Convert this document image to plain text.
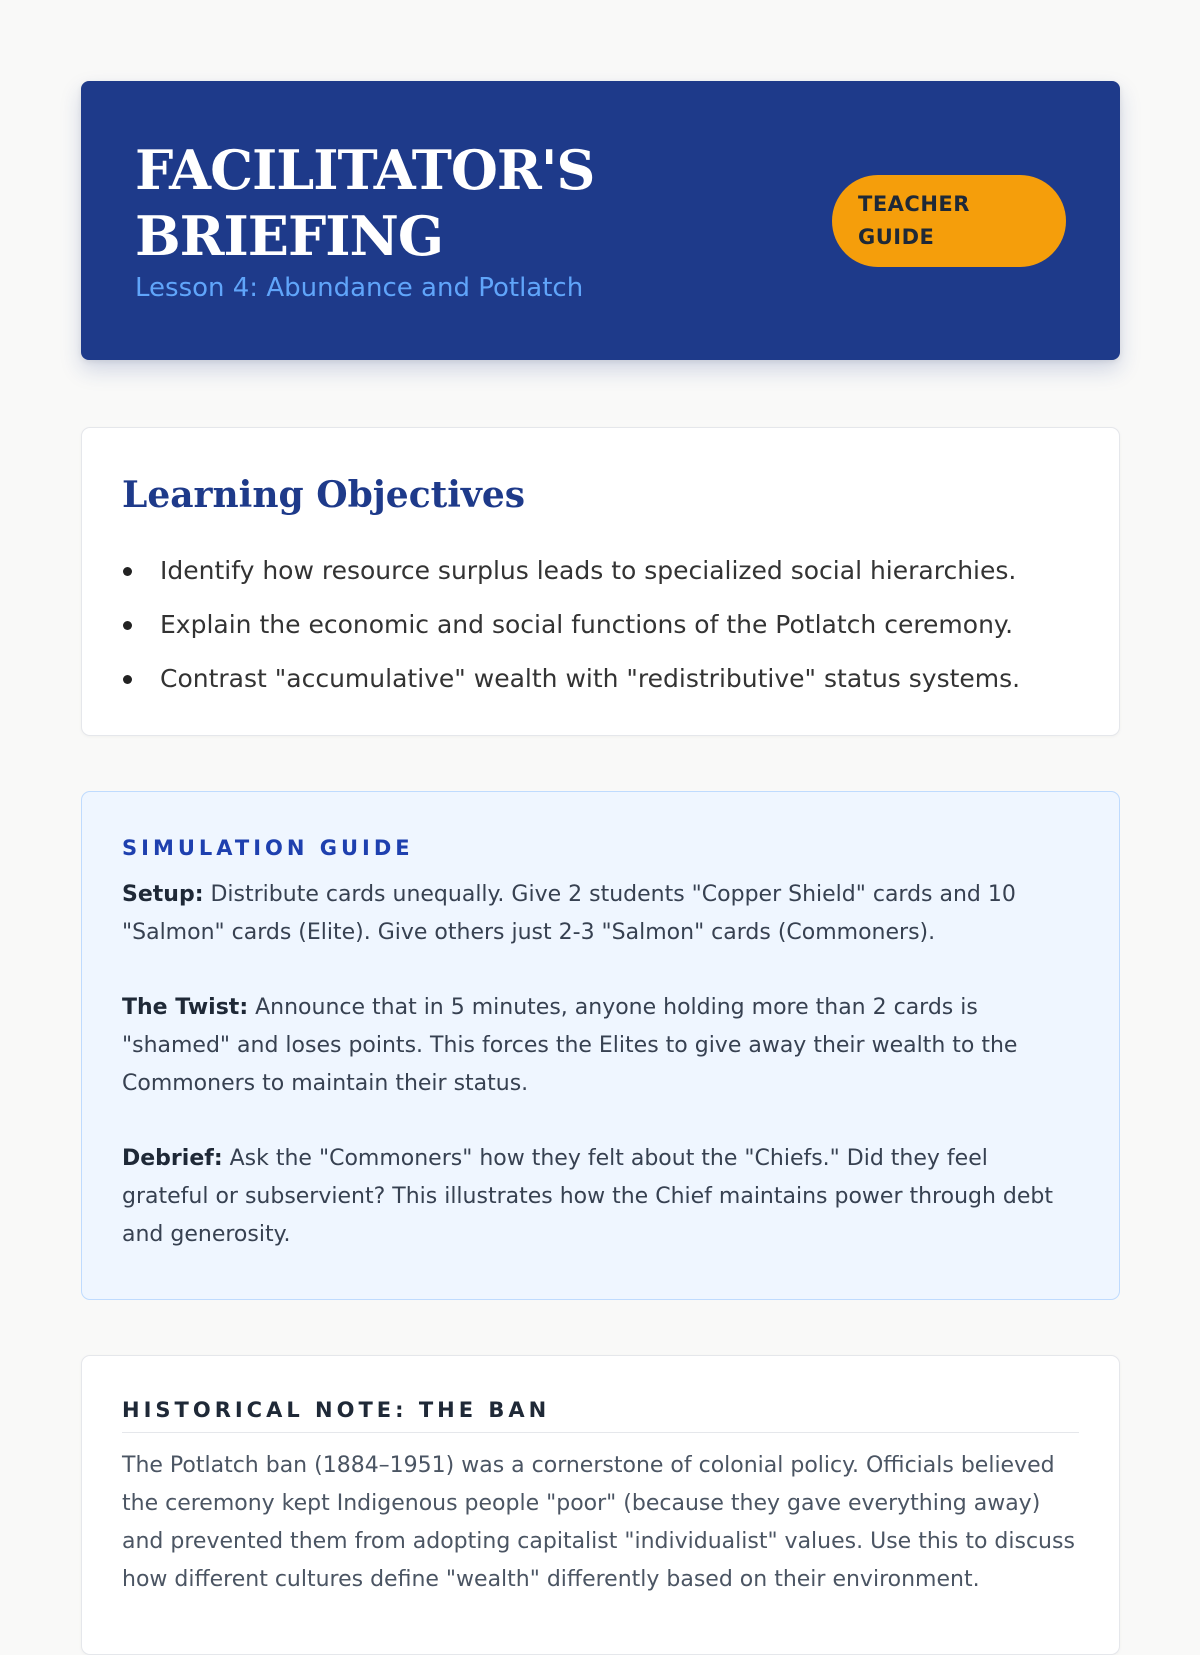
FACILITATOR'S BRIEFING
Lesson 4: Abundance and Potlatch
TEACHER
GUIDE
Learning Objectives
Identify how resource surplus leads to specialized social hierarchies.
Explain the economic and social functions of the Potlatch ceremony.
Contrast "accumulative" wealth with "redistributive" status systems.
SIMULATION GUIDE

Setup: Distribute cards unequally. Give 2 students "Copper Shield" cards and 10 "Salmon" cards (Elite). Give others just 2-3 "Salmon" cards (Commoners).

The Twist: Announce that in 5 minutes, anyone holding more than 2 cards is "shamed" and loses points. This forces the Elites to give away their wealth to the Commoners to maintain their status.

Debrief: Ask the "Commoners" how they felt about the "Chiefs." Did they feel grateful or subservient? This illustrates how the Chief maintains power through debt and generosity.

HISTORICAL NOTE: THE BAN

The Potlatch ban (1884–1951) was a cornerstone of colonial policy. Officials believed the ceremony kept Indigenous people "poor" (because they gave everything away) and prevented them from adopting capitalist "individualist" values. Use this to discuss how different cultures define "wealth" differently based on their environment.
